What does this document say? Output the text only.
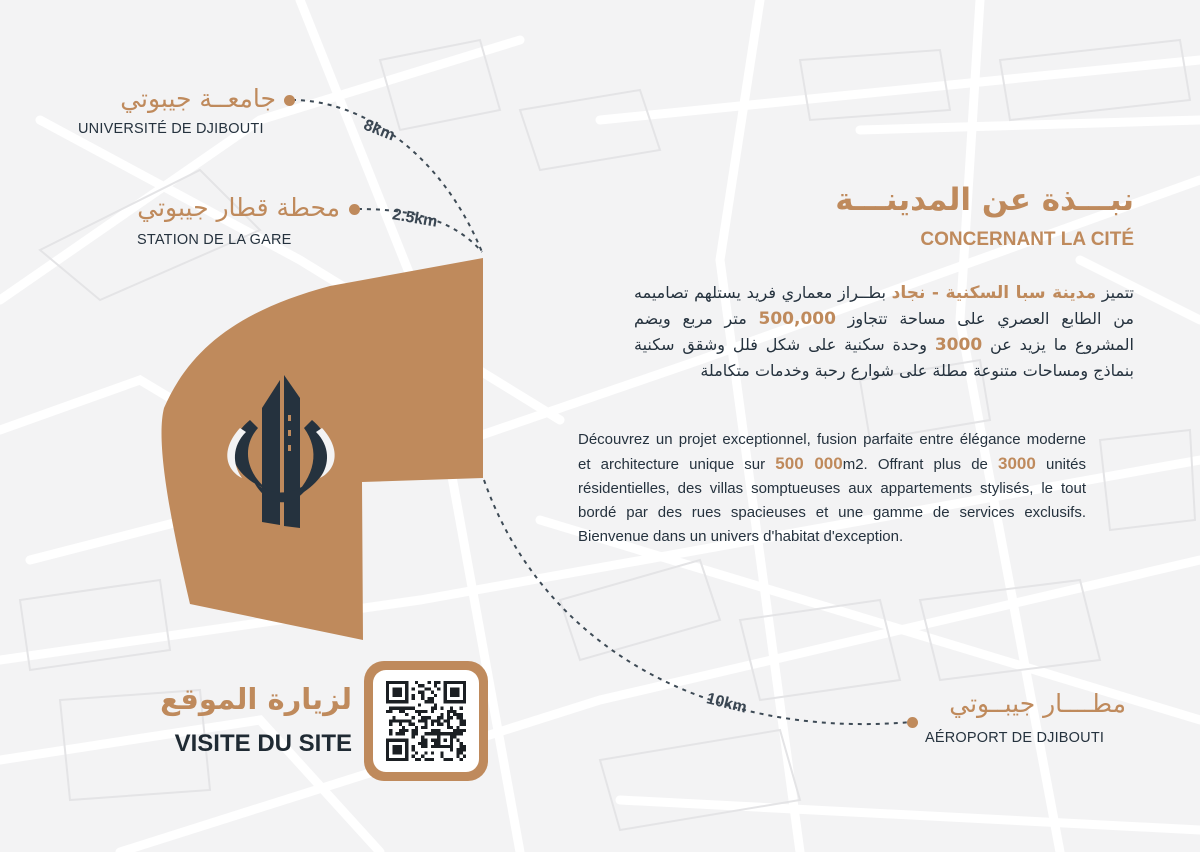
جامعــة جيبوتي
UNIVERSITÉ DE DJIBOUTI	8km
محطة قطار جيبوتي
STATION DE LA GARE
2.5km
مطــــار جيبــوتي
AÉROPORT DE DJIBOUTI
10km
نبـــذة عن المدينـــة
CONCERNANT LA CITÉ
تتميز مدينة سبا السكنية - نجاد بطــراز معماري فريد يستلهم تصاميمه من الطابع العصري على مساحة تتجاوز 500,000 متر مربع ويضم المشروع ما يزيد عن 3000 وحدة سكنية على شكل فلل وشقق سكنية بنماذج ومساحات متنوعة مطلة على شوارع رحبة وخدمات متكاملة
Découvrez un projet exceptionnel, fusion parfaite entre élégance moderne et architecture unique sur 500 000m2. Offrant plus de 3000 unités résidentielles, des villas somptueuses aux appartements stylisés, le tout bordé par des rues spacieuses et une gamme de services exclusifs. Bienvenue dans un univers d'habitat d'exception.
لزيارة الموقع
VISITE DU SITE
